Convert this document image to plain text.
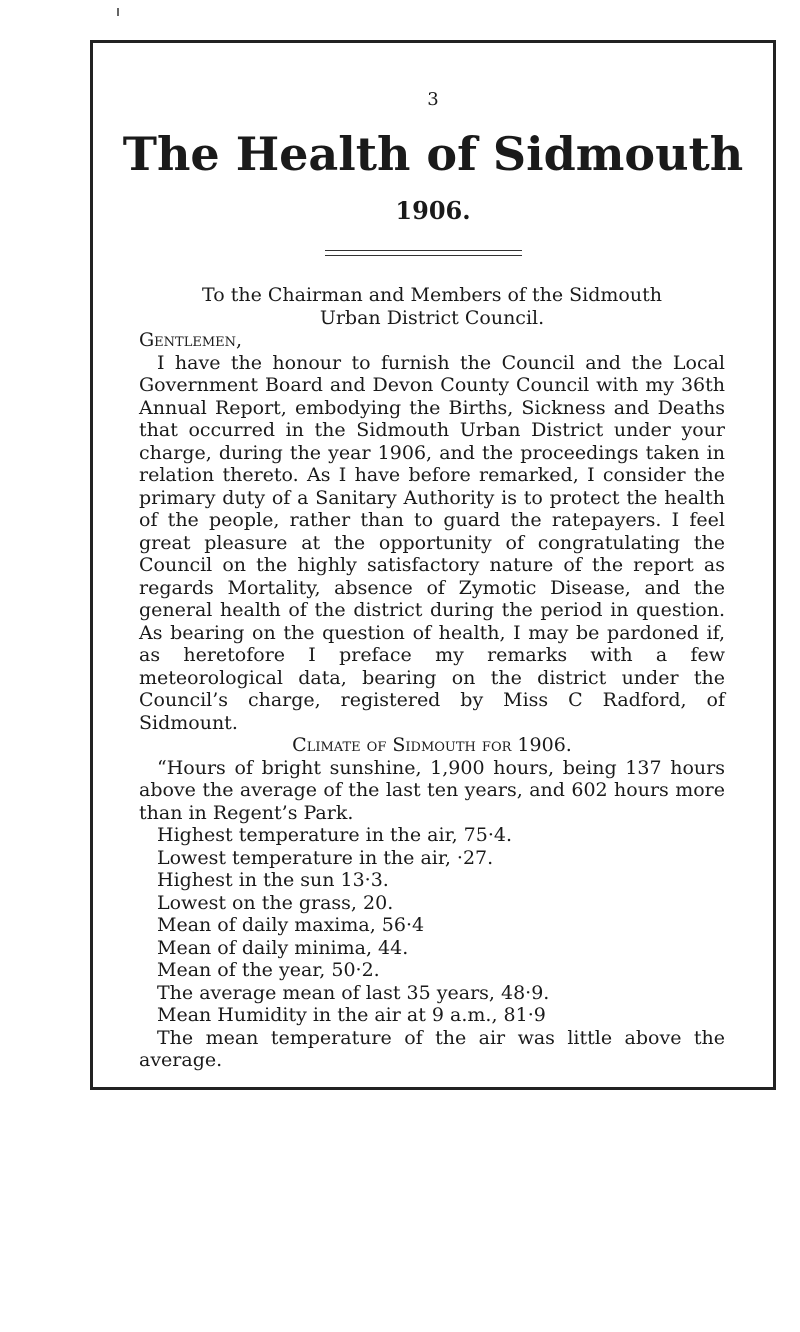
3
The Health of Sidmouth
1906.

To the Chairman and Members of the Sidmouth

Urban District Council.

Gentlemen,

I have the honour to furnish the Council and the Local Government Board and Devon County Council with my 36th Annual Report, embodying the Births, Sickness and Deaths that occurred in the Sidmouth Urban District under your charge, during the year 1906, and the proceedings taken in relation thereto. As I have before remarked, I consider the primary duty of a Sanitary Authority is to protect the health of the people, rather than to guard the ratepayers. I feel great pleasure at the opportunity of congratulating the Council on the highly satisfactory nature of the report as regards Mortality, absence of Zymotic Disease, and the general health of the district during the period in question. As bearing on the question of health, I may be pardoned if, as heretofore I preface my remarks with a few meteorological data, bearing on the district under the Council’s charge, registered by Miss C Radford, of Sidmount.

Climate of Sidmouth for 1906.

“Hours of bright sunshine, 1,900 hours, being 137 hours above the average of the last ten years, and 602 hours more than in Regent’s Park.

Highest temperature in the air, 75·4.

Lowest temperature in the air, ·27.

Highest in the sun 13·3.

Lowest on the grass, 20.

Mean of daily maxima, 56·4

Mean of daily minima, 44.

Mean of the year, 50·2.

The average mean of last 35 years, 48·9.

Mean Humidity in the air at 9 a.m., 81·9

The mean temperature of the air was little above the average.
